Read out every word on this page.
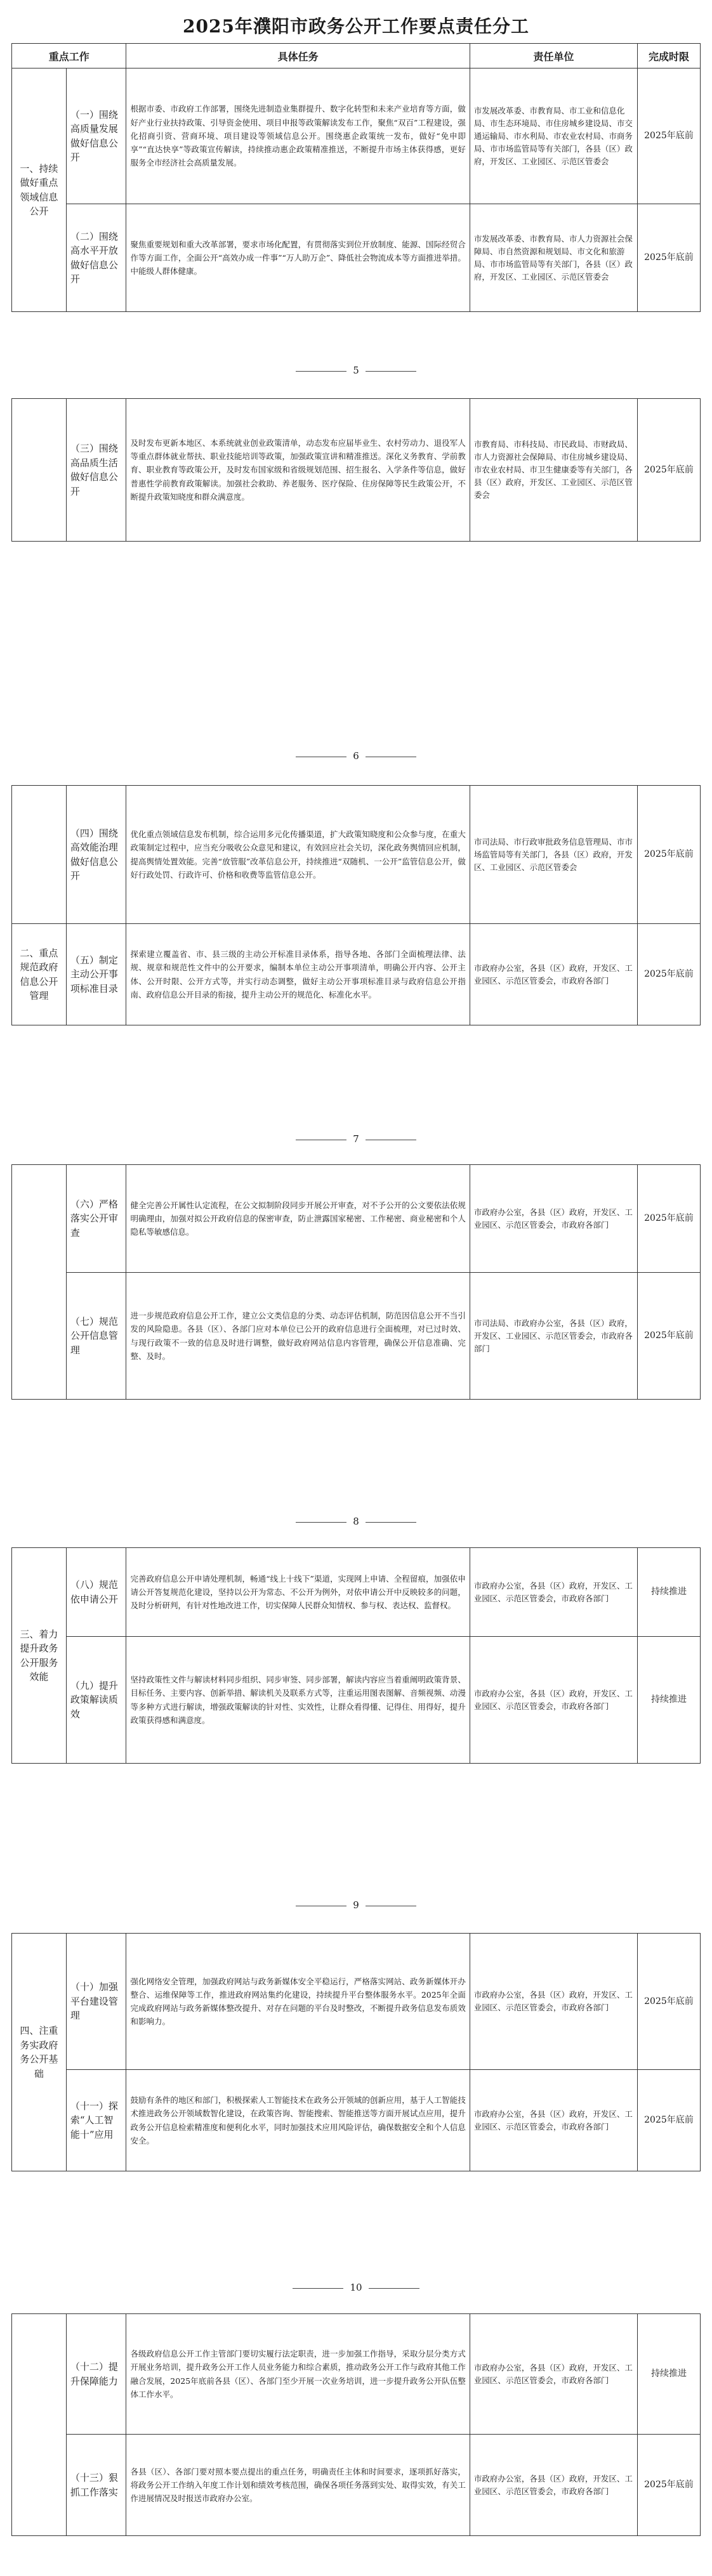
2025年濮阳市政务公开工作要点责任分工
重点工作		具体任务	责任单位	完成时限
一、持续做好重点领域信息公开	（一）围绕高质量发展做好信息公开	根据市委、市政府工作部署，围绕先进制造业集群提升、数字化转型和未来产业培育等方面，做好产业行业扶持政策、引导资金使用、项目申报等政策解读发布工作，聚焦“双百”工程建设，强化招商引资、营商环境、项目建设等领域信息公开。围绕惠企政策统一发布，做好“免申即享”“直达快享”等政策宣传解读，持续推动惠企政策精准推送，不断提升市场主体获得感，更好服务全市经济社会高质量发展。	市发展改革委、市教育局、市工业和信息化局、市生态环境局、市住房城乡建设局、市交通运输局、市水利局、市农业农村局、市商务局、市市场监管局等有关部门，各县（区）政府，开发区、工业园区、示范区管委会	2025年底前
	（二）围绕高水平开放做好信息公开	聚焦重要规划和重大改革部署，要求市场化配置，有贯彻落实到位开放制度、能源、国际经贸合作等方面工作，全面公开“高效办成一件事”“万人助万企”、降低社会物流成本等方面推进举措。中能级人群体健康。	市发展改革委、市教育局、市人力资源社会保障局、市自然资源和规划局、市文化和旅游局、市市场监管局等有关部门，各县（区）政府，开发区、工业园区、示范区管委会	2025年底前
5
	（三）围绕高品质生活做好信息公开	及时发布更新本地区、本系统就业创业政策清单，动态发布应届毕业生、农村劳动力、退役军人等重点群体就业帮扶、职业技能培训等政策，加强政策宣讲和精准推送。深化义务教育、学前教育、职业教育等政策公开，及时发布国家级和省级规划范围、招生报名、入学条件等信息，做好普惠性学前教育政策解读。加强社会救助、养老服务、医疗保险、住房保障等民生政策公开，不断提升政策知晓度和群众满意度。	市教育局、市科技局、市民政局、市财政局、市人力资源社会保障局、市住房城乡建设局、市农业农村局、市卫生健康委等有关部门，各县（区）政府，开发区、工业园区、示范区管委会	2025年底前
6
	（四）围绕高效能治理做好信息公开	优化重点领域信息发布机制，综合运用多元化传播渠道，扩大政策知晓度和公众参与度，在重大政策制定过程中，应当充分吸收公众意见和建议，有效回应社会关切，深化政务舆情回应机制，提高舆情处置效能。完善“放管服”改革信息公开，持续推进“双随机、一公开”监管信息公开，做好行政处罚、行政许可、价格和收费等监管信息公开。	市司法局、市行政审批政务信息管理局、市市场监管局等有关部门，各县（区）政府，开发区、工业园区、示范区管委会	2025年底前
二、重点规范政府信息公开管理	（五）制定主动公开事项标准目录	探索建立覆盖省、市、县三级的主动公开标准目录体系，指导各地、各部门全面梳理法律、法规、规章和规范性文件中的公开要求，编制本单位主动公开事项清单，明确公开内容、公开主体、公开时限、公开方式等，并实行动态调整，做好主动公开事项标准目录与政府信息公开指南、政府信息公开目录的衔接，提升主动公开的规范化、标准化水平。	市政府办公室，各县（区）政府，开发区、工业园区、示范区管委会，市政府各部门	2025年底前
7
	（六）严格落实公开审查	健全完善公开属性认定流程，在公文拟制阶段同步开展公开审查，对不予公开的公文要依法依规明确理由，加强对拟公开政府信息的保密审查，防止泄露国家秘密、工作秘密、商业秘密和个人隐私等敏感信息。	市政府办公室，各县（区）政府，开发区、工业园区、示范区管委会，市政府各部门	2025年底前
	（七）规范公开信息管理	进一步规范政府信息公开工作，建立公文类信息的分类、动态评估机制，防范因信息公开不当引发的风险隐患。各县（区）、各部门应对本单位已公开的政府信息进行全面梳理，对已过时效、与现行政策不一致的信息及时进行调整，做好政府网站信息内容管理，确保公开信息准确、完整、及时。	市司法局、市政府办公室，各县（区）政府，开发区、工业园区、示范区管委会，市政府各部门	2025年底前
8
三、着力提升政务公开服务效能	（八）规范依申请公开	完善政府信息公开申请处理机制，畅通“线上十线下”渠道，实现网上申请、全程留痕，加强依申请公开答复规范化建设，坚持以公开为常态、不公开为例外，对依申请公开中反映较多的问题，及时分析研判，有针对性地改进工作，切实保障人民群众知情权、参与权、表达权、监督权。	市政府办公室，各县（区）政府，开发区、工业园区、示范区管委会，市政府各部门	持续推进
	（九）提升政策解读质效	坚持政策性文件与解读材料同步组织、同步审签、同步部署，解读内容应当着重阐明政策背景、目标任务、主要内容、创新举措、解读机关及联系方式等，注重运用图表图解、音频视频、动漫等多种方式进行解读，增强政策解读的针对性、实效性，让群众看得懂、记得住、用得好，提升政策获得感和满意度。	市政府办公室，各县（区）政府，开发区、工业园区、示范区管委会，市政府各部门	持续推进
9
四、注重务实政府务公开基础	（十）加强平台建设管理	强化网络安全管理，加强政府网站与政务新媒体安全平稳运行，严格落实网站、政务新媒体开办整合、运维保障等工作，推进政府网站集约化建设，持续提升平台整体服务水平。2025年全面完成政府网站与政务新媒体整改提升、对存在问题的平台及时整改，不断提升政务信息发布质效和影响力。	市政府办公室，各县（区）政府，开发区、工业园区、示范区管委会，市政府各部门	2025年底前
	（十一）探索“人工智能十”应用	鼓励有条件的地区和部门，积极探索人工智能技术在政务公开领域的创新应用，基于人工智能技术推进政务公开领域数智化建设，在政策咨询、智能搜索、智能推送等方面开展试点应用，提升政务公开信息检索精准度和便利化水平，同时加强技术应用风险评估，确保数据安全和个人信息安全。	市政府办公室，各县（区）政府，开发区、工业园区、示范区管委会，市政府各部门	2025年底前
10
	（十二）提升保障能力	各级政府信息公开工作主管部门要切实履行法定职责，进一步加强工作指导，采取分层分类方式开展业务培训，提升政务公开工作人员业务能力和综合素质，推动政务公开工作与政府其他工作融合发展，2025年底前各县（区）、各部门至少开展一次业务培训，进一步提升政务公开队伍整体工作水平。	市政府办公室，各县（区）政府，开发区、工业园区、示范区管委会，市政府各部门	持续推进
	（十三）狠抓工作落实	各县（区）、各部门要对照本要点提出的重点任务，明确责任主体和时间要求，逐项抓好落实，将政务公开工作纳入年度工作计划和绩效考核范围，确保各项任务落到实处、取得实效，有关工作进展情况及时报送市政府办公室。	市政府办公室，各县（区）政府，开发区、工业园区、示范区管委会，市政府各部门	2025年底前
